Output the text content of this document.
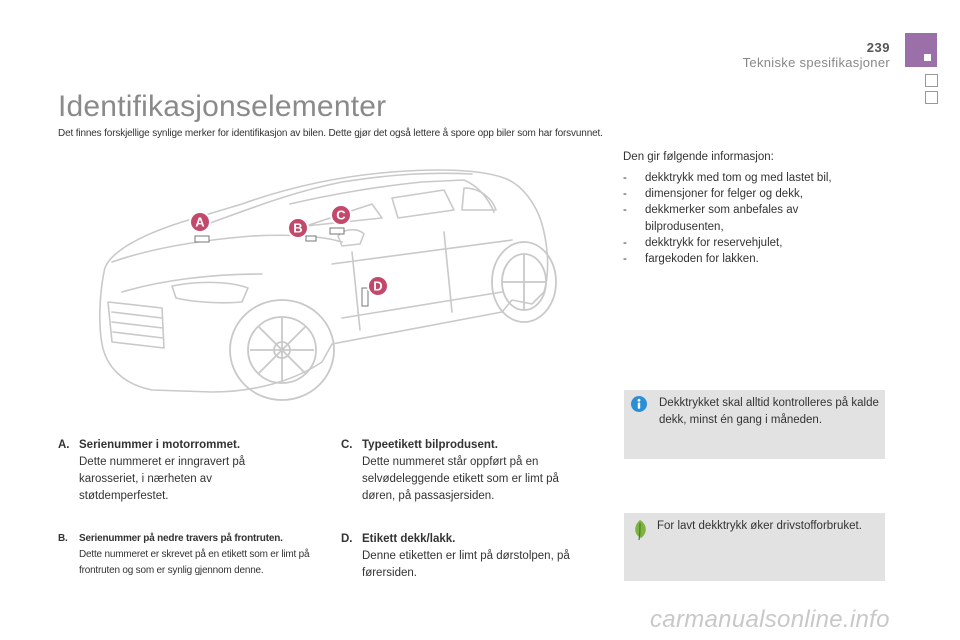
239
Tekniske spesifikasjoner
Identifikasjonselementer
Det finnes forskjellige synlige merker for identifikasjon av bilen. Dette gjør det også lettere å spore opp biler som har forsvunnet.
A	B
C
D
Den gir følgende informasjon:
- dekktrykk med tom og med lastet bil,
- dimensjoner for felger og dekk,
- dekkmerker som anbefales av bilprodusenten,
- dekktrykk for reservehjulet,
- fargekoden for lakken.
Dekktrykket skal alltid kontrolleres på kalde dekk, minst én gang i måneden.
For lavt dekktrykk øker drivstofforbruket.
A. Serienummer i motorrommet.
Dette nummeret er inngravert på karosseriet, i nærheten av støtdemperfestet.
B. Serienummer på nedre travers på frontruten.
Dette nummeret er skrevet på en etikett som er limt på frontruten og som er synlig gjennom denne.
C. Typeetikett bilprodusent.
Dette nummeret står oppført på en selvødeleggende etikett som er limt på døren, på passasjersiden.
D. Etikett dekk/lakk.
Denne etiketten er limt på dørstolpen, på førersiden.
carmanualsonline.info
